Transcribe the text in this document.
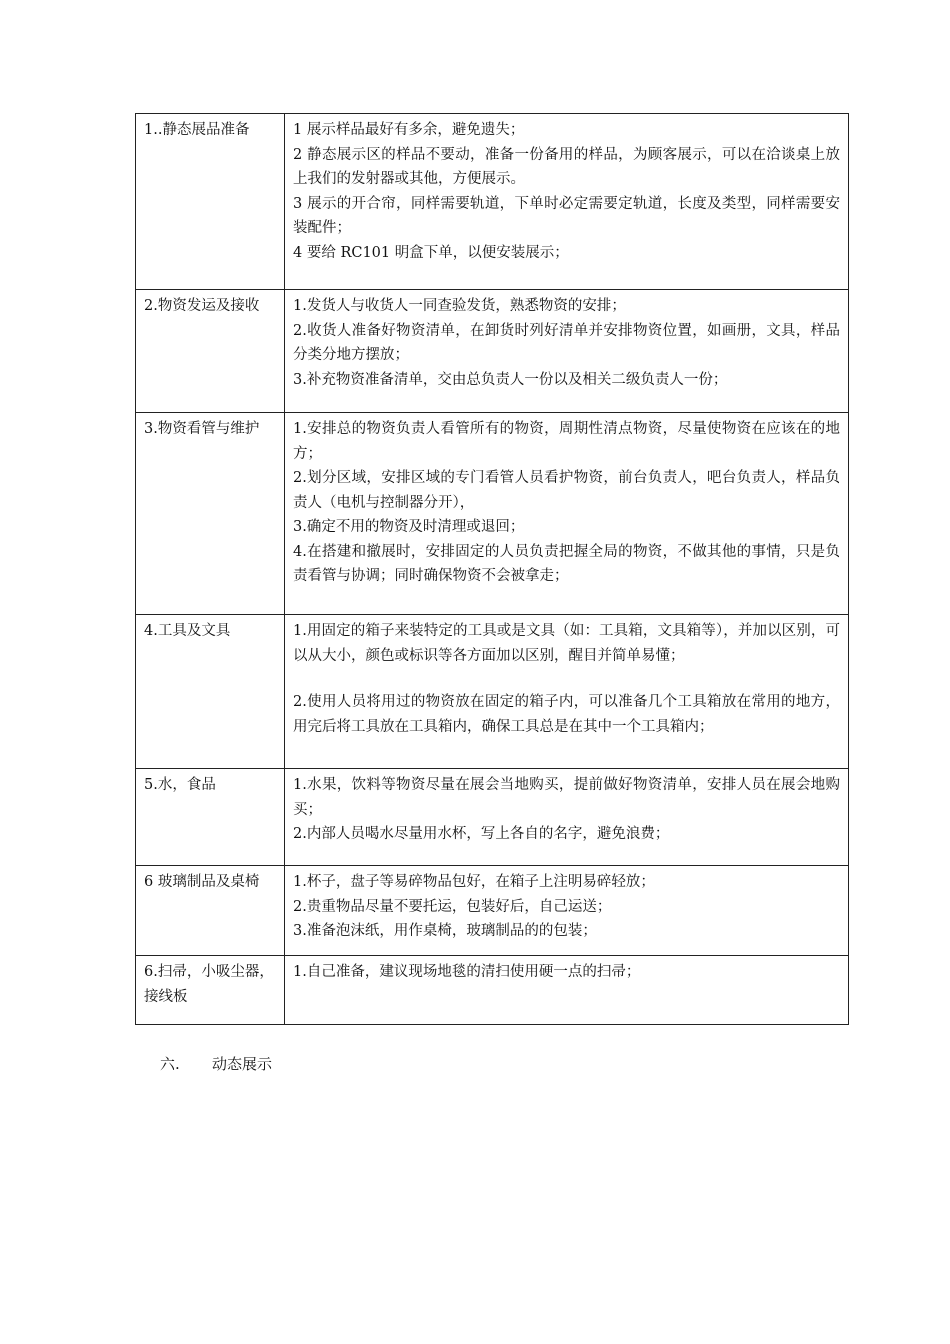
1..静态展品准备	1 展示样品最好有多余，避免遗失；
2 静态展示区的样品不要动，准备一份备用的样品，为顾客展示，可以在洽谈桌上放上我们的发射器或其他，方便展示。
3 展示的开合帘，同样需要轨道，下单时必定需要定轨道，长度及类型，同样需要安装配件；
4 要给 RC101 明盒下单，以便安装展示；

2.物资发运及接收	1.发货人与收货人一同查验发货，熟悉物资的安排；
2.收货人准备好物资清单，在卸货时列好清单并安排物资位置，如画册，文具，样品分类分地方摆放；
3.补充物资准备清单，交由总负责人一份以及相关二级负责人一份；

3.物资看管与维护	1.安排总的物资负责人看管所有的物资，周期性清点物资，尽量使物资在应该在的地方；
2.划分区域，安排区域的专门看管人员看护物资，前台负责人，吧台负责人，样品负责人（电机与控制器分开），
3.确定不用的物资及时清理或退回；
4.在搭建和撤展时，安排固定的人员负责把握全局的物资，不做其他的事情，只是负责看管与协调；同时确保物资不会被拿走；

4.工具及文具	1.用固定的箱子来装特定的工具或是文具（如：工具箱，文具箱等），并加以区别，可以从大小，颜色或标识等各方面加以区别，醒目并简单易懂；
2.使用人员将用过的物资放在固定的箱子内，可以准备几个工具箱放在常用的地方，用完后将工具放在工具箱内，确保工具总是在其中一个工具箱内；

5.水，食品	1.水果，饮料等物资尽量在展会当地购买，提前做好物资清单，安排人员在展会地购买；
2.内部人员喝水尽量用水杯，写上各自的名字，避免浪费；

6 玻璃制品及桌椅	1.杯子，盘子等易碎物品包好，在箱子上注明易碎轻放；
2.贵重物品尽量不要托运，包装好后，自己运送；
3.准备泡沫纸，用作桌椅，玻璃制品的的包装；

6.扫帚，小吸尘器，接线板	1.自己准备，建议现场地毯的清扫使用硬一点的扫帚；
六. 动态展示
